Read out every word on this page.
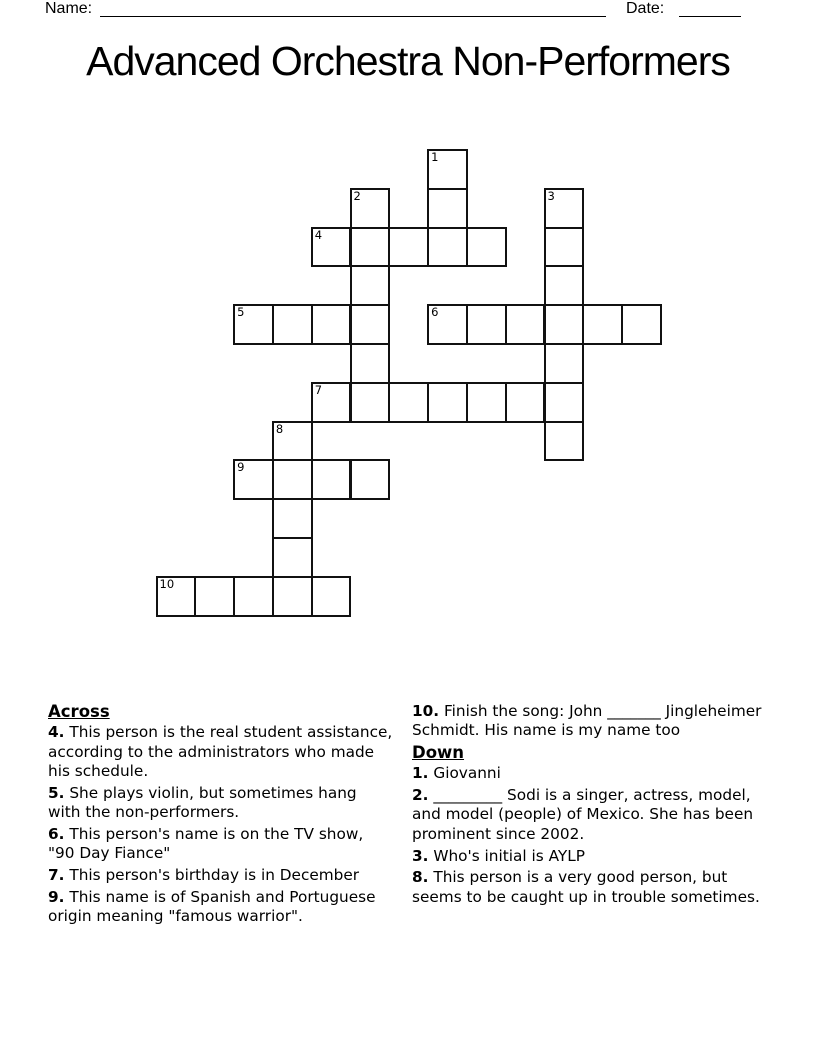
Name:	Date:
Advanced Orchestra Non-Performers
1
2	3
4
5	6
7
8
9
10
Across

4. This person is the real student assistance, according to the administrators who made his schedule.

5. She plays violin, but sometimes hang with the non-performers.

6. This person's name is on the TV show, "90 Day Fiance"

7. This person's birthday is in December

9. This name is of Spanish and Portuguese origin meaning "famous warrior".

10. Finish the song: John _______ Jingleheimer Schmidt. His name is my name too

Down

1. Giovanni

2. _________ Sodi is a singer, actress, model, and model (people) of Mexico. She has been prominent since 2002.

3. Who's initial is AYLP

8. This person is a very good person, but seems to be caught up in trouble sometimes.
